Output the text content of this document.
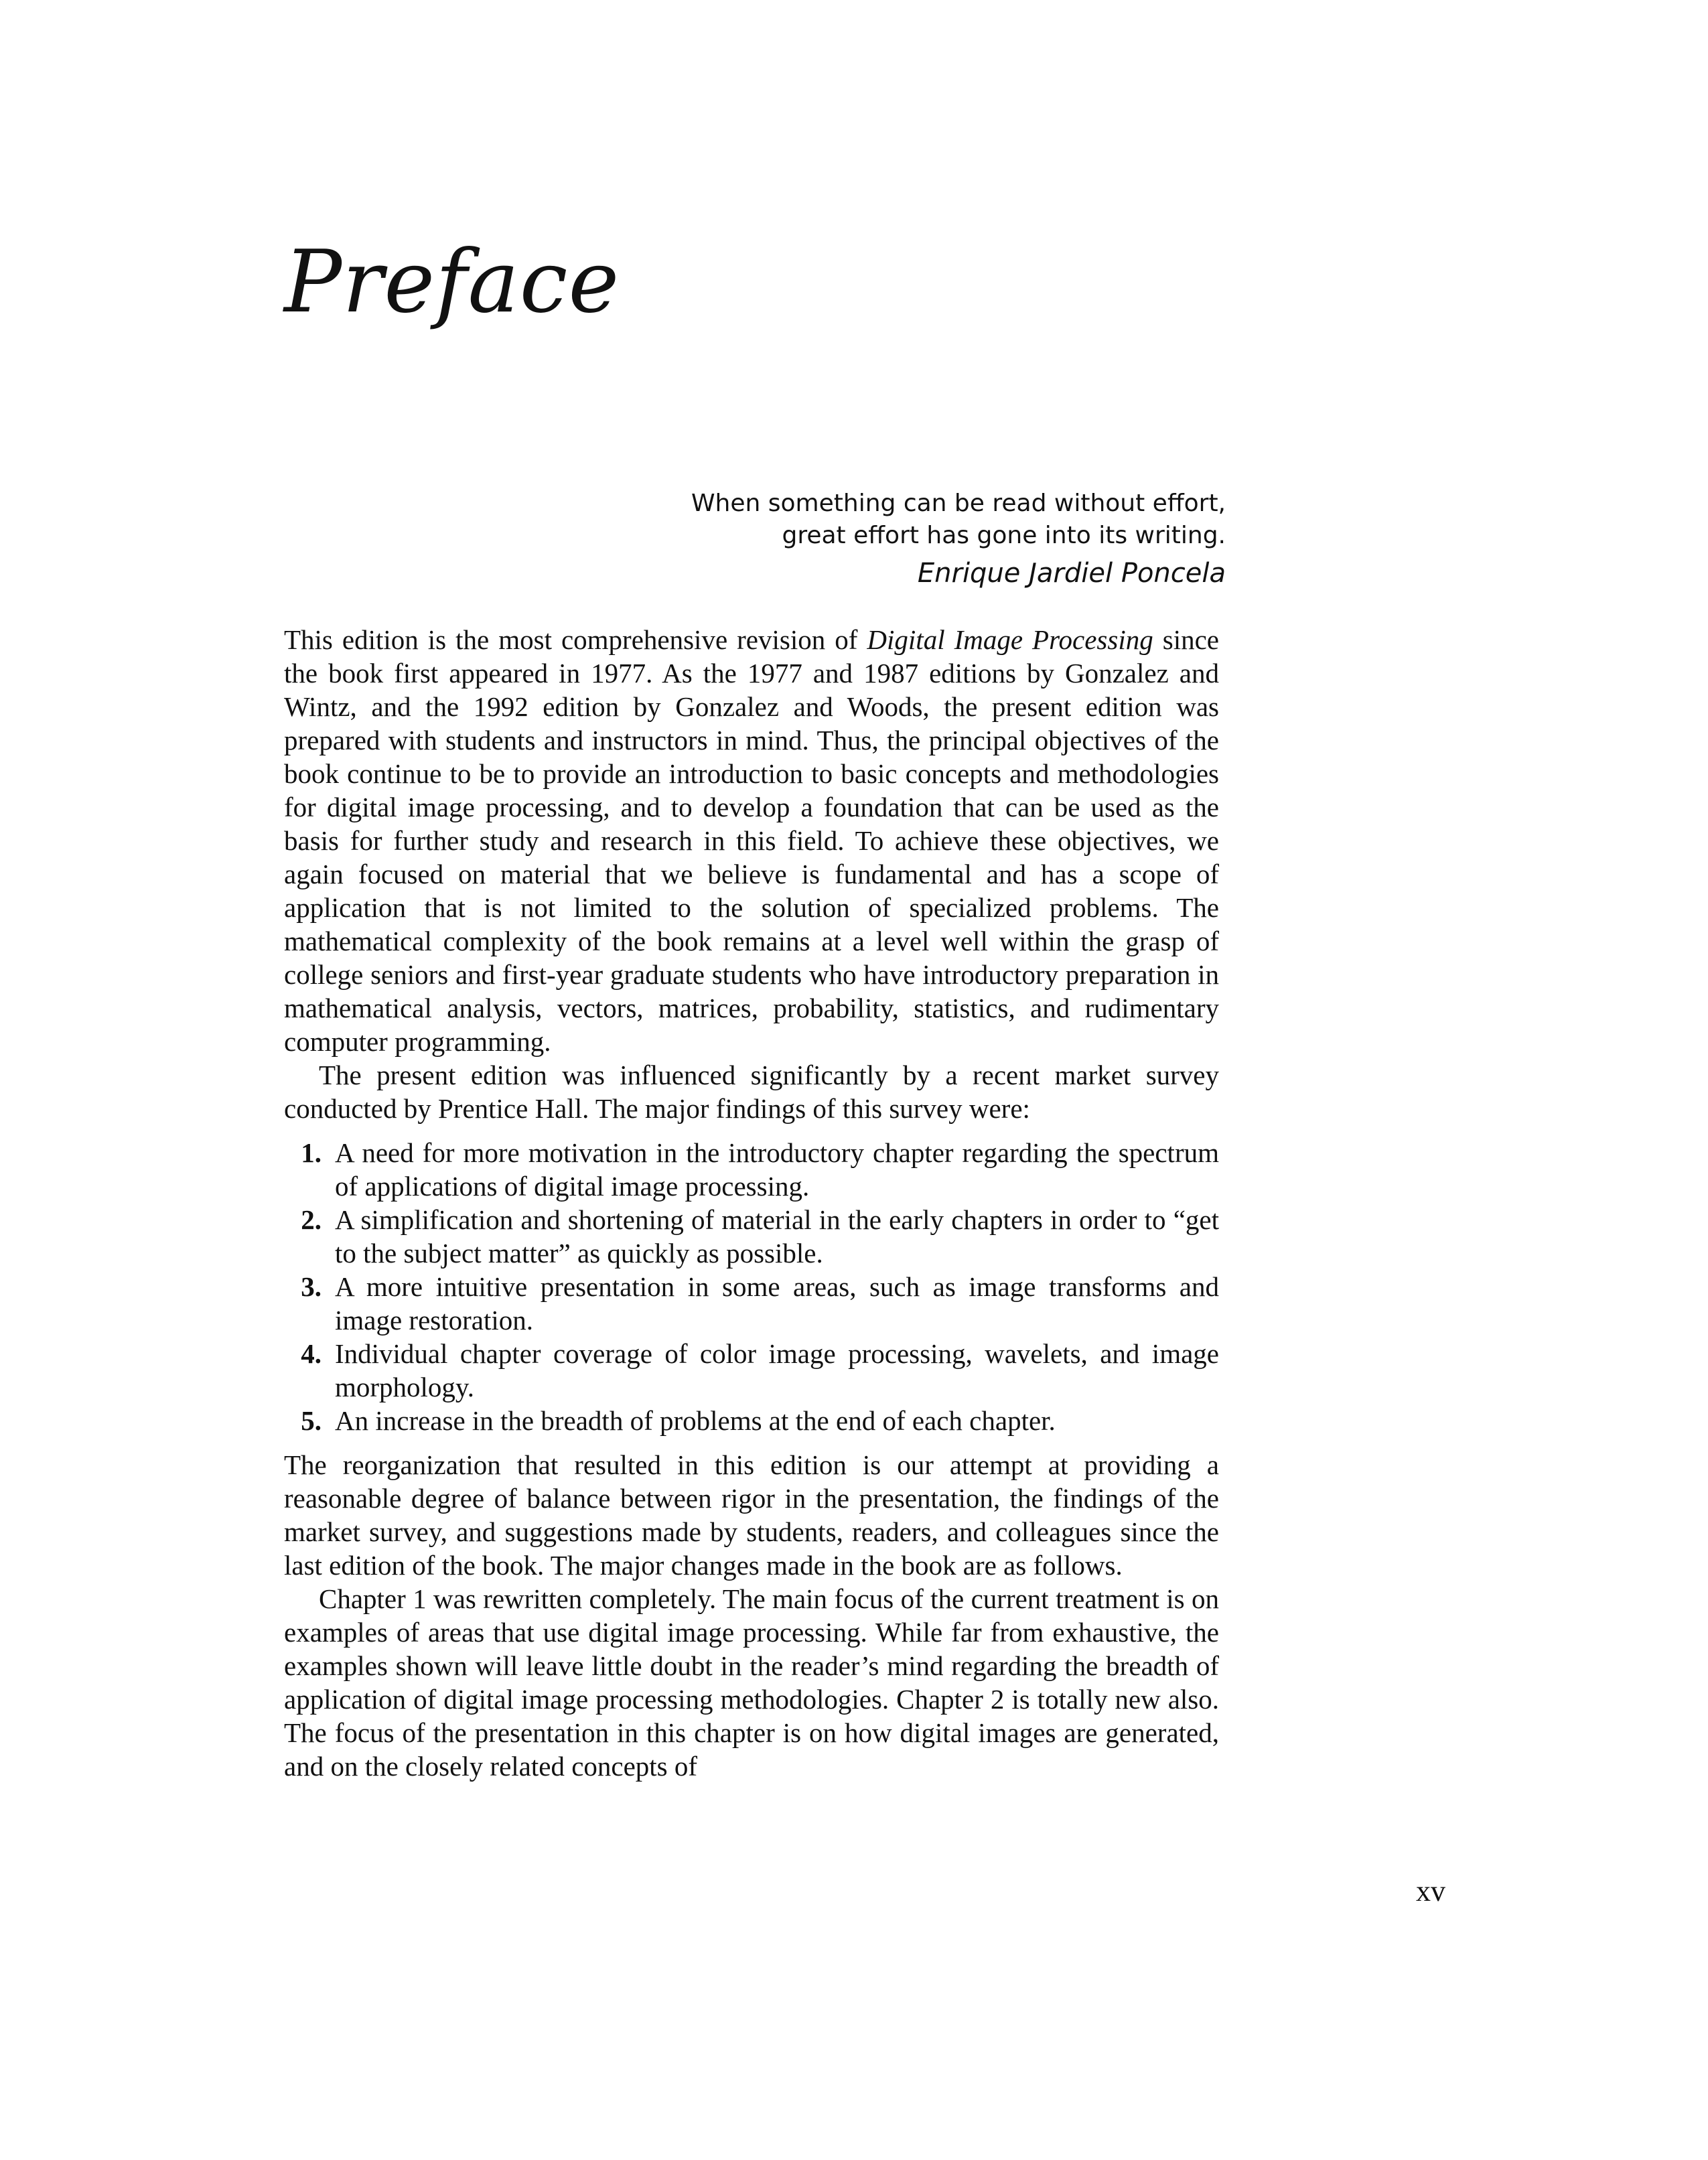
Preface
When something can be read without effort,
great effort has gone into its writing.
Enrique Jardiel Poncela

This edition is the most comprehensive revision of Digital Image Processing since the book first appeared in 1977. As the 1977 and 1987 editions by Gonzalez and Wintz, and the 1992 edition by Gonzalez and Woods, the present edition was prepared with students and instructors in mind. Thus, the principal objectives of the book continue to be to provide an introduction to basic concepts and methodologies for digital image processing, and to develop a foundation that can be used as the basis for further study and research in this field. To achieve these objectives, we again focused on material that we believe is fundamental and has a scope of application that is not limited to the solution of specialized problems. The mathematical complexity of the book remains at a level well within the grasp of college seniors and first-year graduate students who have introductory preparation in mathematical analysis, vectors, matrices, probability, statistics, and rudimentary computer programming.

The present edition was influenced significantly by a recent market survey conducted by Prentice Hall. The major findings of this survey were:

1. A need for more motivation in the introductory chapter regarding the spectrum of applications of digital image processing.
2. A simplification and shortening of material in the early chapters in order to “get to the subject matter” as quickly as possible.
3. A more intuitive presentation in some areas, such as image transforms and image restoration.
4. Individual chapter coverage of color image processing, wavelets, and image morphology.
5. An increase in the breadth of problems at the end of each chapter.

The reorganization that resulted in this edition is our attempt at providing a reasonable degree of balance between rigor in the presentation, the findings of the market survey, and suggestions made by students, readers, and colleagues since the last edition of the book. The major changes made in the book are as follows.

Chapter 1 was rewritten completely. The main focus of the current treatment is on examples of areas that use digital image processing. While far from exhaustive, the examples shown will leave little doubt in the reader’s mind regarding the breadth of application of digital image processing methodologies. Chapter 2 is totally new also. The focus of the presentation in this chapter is on how digital images are generated, and on the closely related concepts of

xv
